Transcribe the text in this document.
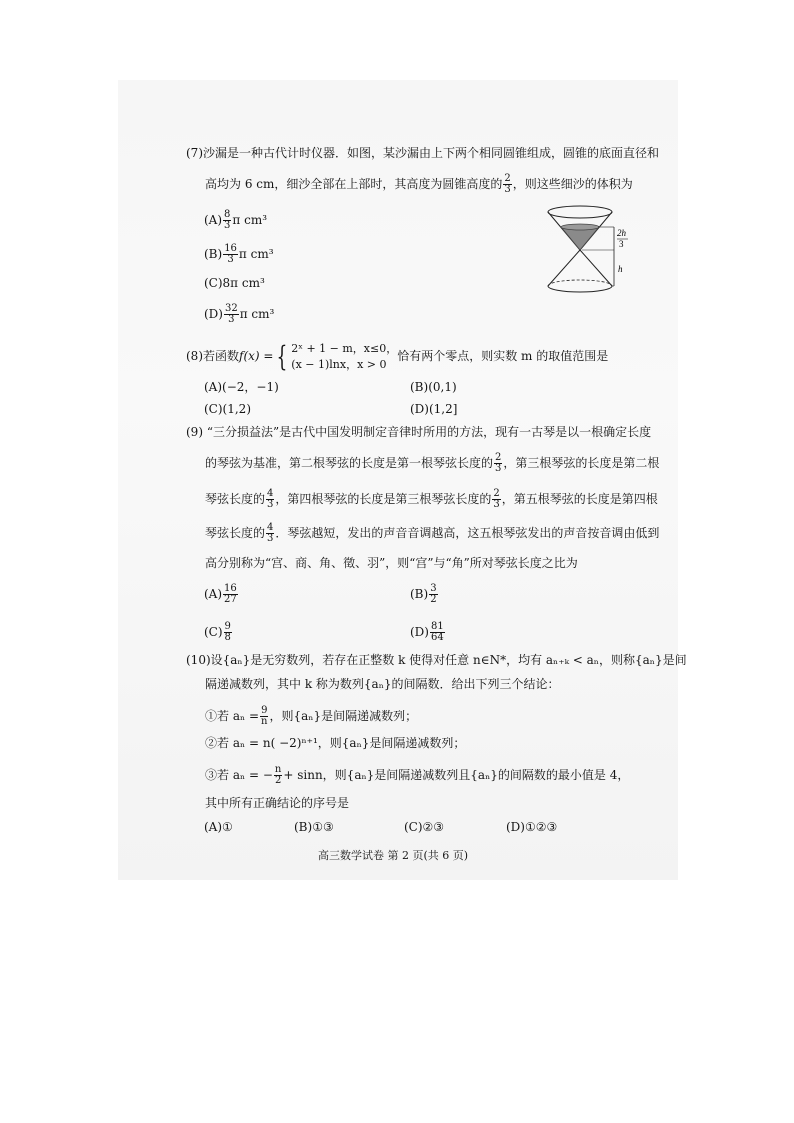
(7)沙漏是一种古代计时仪器．如图，某沙漏由上下两个相同圆锥组成，圆锥的底面直径和
高均为 6 cm，细沙全部在上部时，其高度为圆锥高度的 $\frac{2}{3}$ ，则这些细沙的体积为
$(A) \frac{8}{3}$ π cm³
$(B) \frac{16}{3}$ π cm³
(C)8π cm³
$(D) \frac{32}{3}$ π cm³
2h
3
h
(8)若函数f(x) = { 2ˣ + 1 − m，x≤0，
(x − 1)lnx，x > 0
恰有两个零点，则实数 m 的取值范围是
(A)(−2，−1)	(B)(0,1)
(C)(1,2)	(D)(1,2]
(9) “三分损益法”是古代中国发明制定音律时所用的方法，现有一古琴是以一根确定长度
的琴弦为基准，第二根琴弦的长度是第一根琴弦长度的 $\frac{2}{3}$ ，第三根琴弦的长度是第二根
琴弦长度的 $\frac{4}{3}$ ，第四根琴弦的长度是第三根琴弦长度的 $\frac{2}{3}$ ，第五根琴弦的长度是第四根
琴弦长度的 $\frac{4}{3}$ ．琴弦越短，发出的声音音调越高，这五根琴弦发出的声音按音调由低到
高分别称为“宫、商、角、徵、羽”，则“宫”与“角”所对琴弦长度之比为
$(A) \frac{16}{27}$	$(B) \frac{3}{2}$
$(C) \frac{9}{8}$	$(D) \frac{81}{64}$
(10)设{aₙ}是无穷数列，若存在正整数 k 使得对任意 n∈N*，均有 aₙ₊ₖ < aₙ，则称{aₙ}是间
隔递减数列，其中 k 称为数列{aₙ}的间隔数．给出下列三个结论：
①若 $a_n = \frac{9}{n}$ ，则{aₙ}是间隔递减数列；
②若 aₙ = n( −2)ⁿ⁺¹，则{aₙ}是间隔递减数列；
③若 aₙ = − $\frac{n}{2} + \sin n$，则{aₙ}是间隔递减数列且{aₙ}的间隔数的最小值是 4，
其中所有正确结论的序号是
(A)①	(B)①③	(C)②③	(D)①②③
高三数学试卷 第 2 页(共 6 页)
